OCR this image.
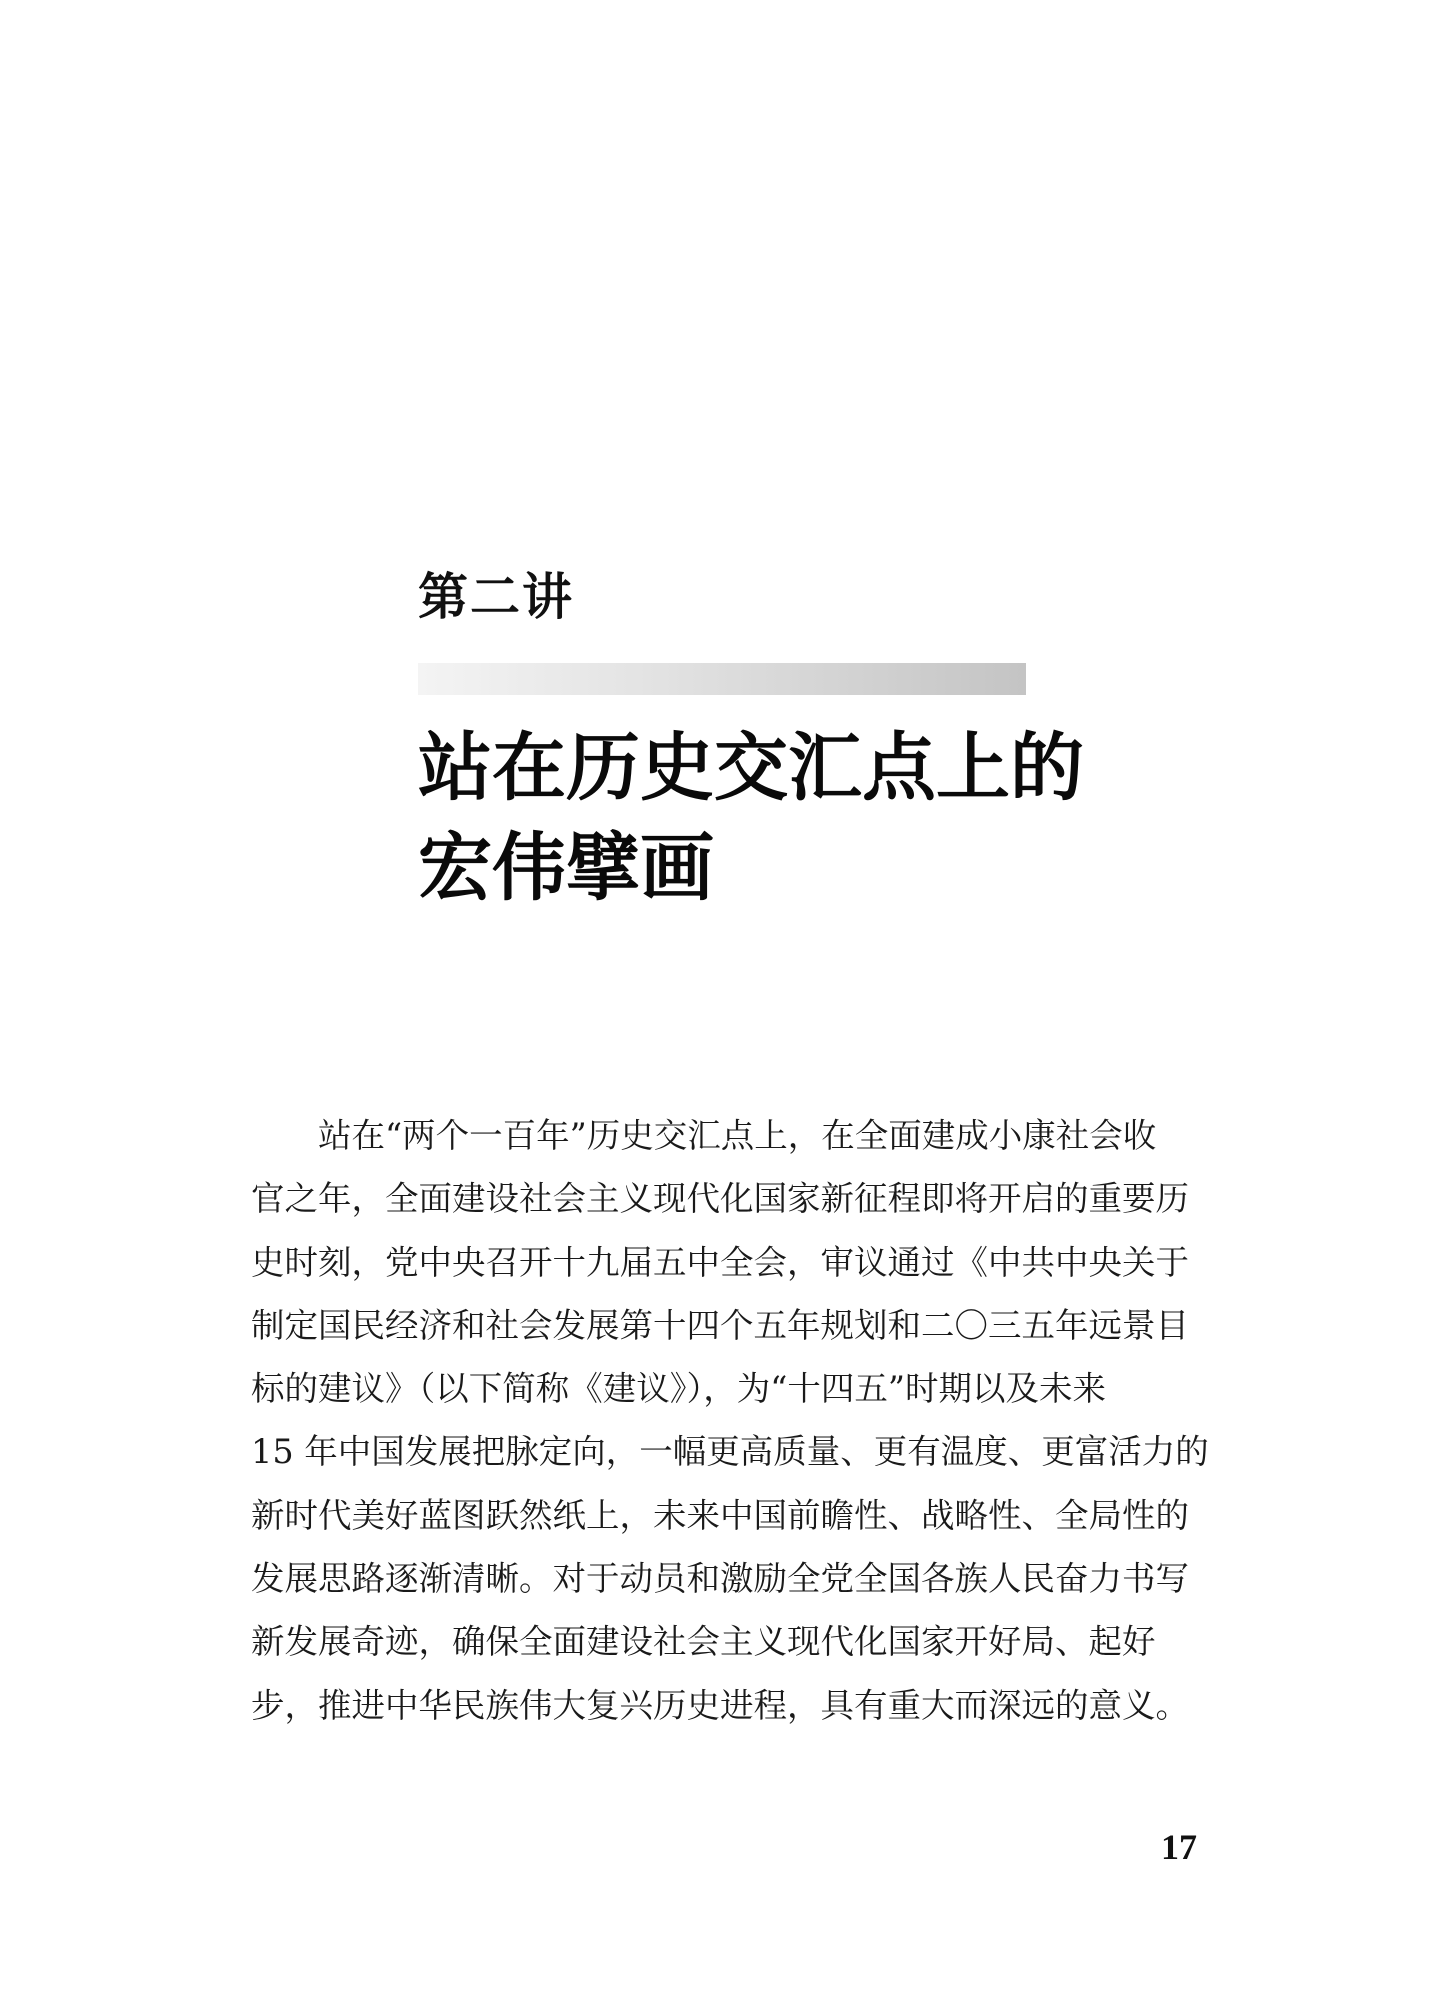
第二讲
站在历史交汇点上的
宏伟擘画
站在“两个一百年”历史交汇点上，在全面建成小康社会收
官之年，全面建设社会主义现代化国家新征程即将开启的重要历
史时刻，党中央召开十九届五中全会，审议通过《中共中央关于
制定国民经济和社会发展第十四个五年规划和二〇三五年远景目
标的建议》（以下简称《建议》），为“十四五”时期以及未来
15 年中国发展把脉定向，一幅更高质量、更有温度、更富活力的
新时代美好蓝图跃然纸上，未来中国前瞻性、战略性、全局性的
发展思路逐渐清晰。对于动员和激励全党全国各族人民奋力书写
新发展奇迹，确保全面建设社会主义现代化国家开好局、起好
步，推进中华民族伟大复兴历史进程，具有重大而深远的意义。
17
